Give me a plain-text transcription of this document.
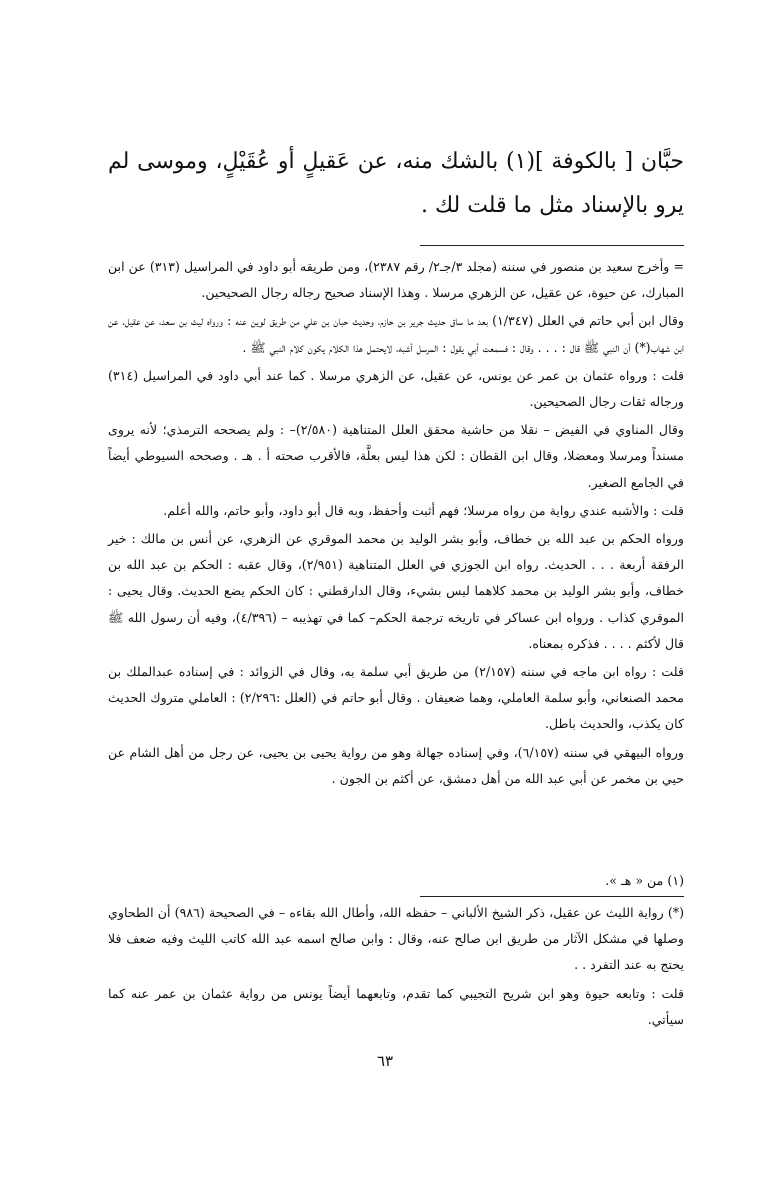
حبَّان [ بالكوفة ](١) بالشك منه، عن عَقيلٍ أو عُقَيْلٍ، وموسى لم يرو بالإسناد مثل ما قلت لك .

= وأخرج سعيد بن منصور في سننه (مجلد ٣/جـ٢/ رقم ٢٣٨٧)، ومن طريقه أبو داود في المراسيل (٣١٣) عن ابن المبارك، عن حيوة، عن عقيل، عن الزهري مرسلا . وهذا الإسناد صحيح رجاله رجال الصحيحين.

وقال ابن أبي حاتم في العلل (١/٣٤٧) بعد ما ساق حديث جرير بن حازم، وحديث حبان بن علي من طريق لوين عنه : ورواه ليث بن سعد، عن عقيل، عن ابن شهاب(*) أن النبي ﷺ قال : . . . وقال : فسمعت أبي يقول : المرسل أشبه، لايحتمل هذا الكلام يكون كلام النبي ﷺ .

قلت : ورواه عثمان بن عمر عن يونس، عن عقيل، عن الزهري مرسلا . كما عند أبي داود في المراسيل (٣١٤) ورجاله ثقات رجال الصحيحين.

وقال المناوي في الفيض – نقلا من حاشية محقق العلل المتناهية (٢/٥٨٠)– : ولم يصححه الترمذي؛ لأنه يروى مسنداً ومرسلا ومعضلا، وقال ابن القطان : لكن هذا ليس بعلَّة، فالأقرب صحته أ . هـ . وصححه السيوطي أيضاً في الجامع الصغير.

قلت : والأشبه عندي رواية من رواه مرسلا؛ فهم أثبت وأحفظ، وبه قال أبو داود، وأبو حاتم، والله أعلم.

ورواه الحكم بن عبد الله بن خطاف، وأبو بشر الوليد بن محمد الموقري عن الزهري، عن أنس بن مالك : خير الرفقة أربعة . . . الحديث. رواه ابن الجوزي في العلل المتناهية (٢/٩٥١)، وقال عقبه : الحكم بن عبد الله بن خطاف، وأبو بشر الوليد بن محمد كلاهما ليس بشيء، وقال الدارقطني : كان الحكم يضع الحديث. وقال يحيى : الموقري كذاب . ورواه ابن عساكر في تاريخه ترجمة الحكم– كما في تهذيبه – (٤/٣٩٦)، وفيه أن رسول الله ﷺ قال لأكثم . . . . فذكره بمعناه.

قلت : رواه ابن ماجه في سننه (٢/١٥٧) من طريق أبي سلمة به، وقال في الزوائد : في إسناده عبدالملك بن محمد الصنعاني، وأبو سلمة العاملي، وهما ضعيفان . وقال أبو حاتم في (العلل :٢/٢٩٦) : العاملي متروك الحديث كان يكذب، والحديث باطل.

ورواه البيهقي في سننه (٦/١٥٧)، وفي إسناده جهالة وهو من رواية يحيى بن يحيى، عن رجل من أهل الشام عن حيي بن مخمر عن أبي عبد الله من أهل دمشق، عن أكثم بن الجون .

(١) من « هـ ».

(*) رواية الليث عن عقيل، ذكر الشيخ الألباني – حفظه الله، وأطال الله بقاءه – في الصحيحة (٩٨٦) أن الطحاوي وصلها في مشكل الآثار من طريق ابن صالح عنه، وقال : وابن صالح اسمه عبد الله كاتب الليث وفيه ضعف فلا يحتج به عند التفرد . .

قلت : وتابعه حيوة وهو ابن شريح التجيبي كما تقدم، وتابعهما أيضاً يونس من رواية عثمان بن عمر عنه كما سيأتي.

٦٣
